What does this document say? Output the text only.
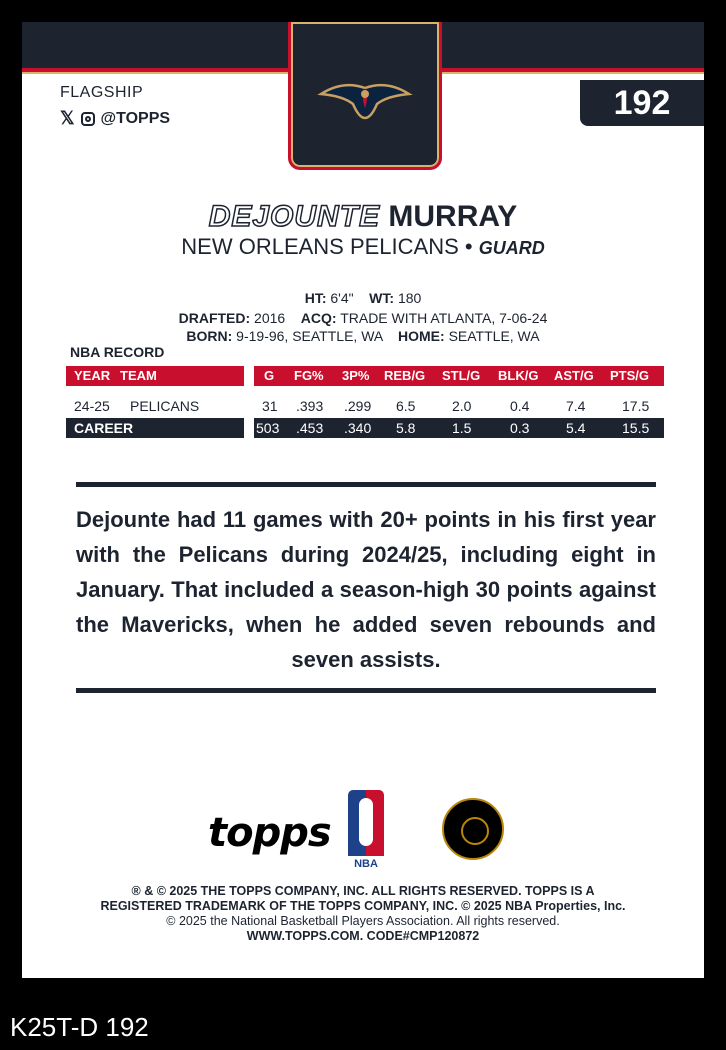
FLAGSHIP
𝕏 @TOPPS	192
DEJOUNTE MURRAY
NEW ORLEANS PELICANS • GUARD
HT: 6'4" WT: 180
DRAFTED: 2016 ACQ: TRADE WITH ATLANTA, 7-06-24
BORN: 9-19-96, SEATTLE, WA HOME: SEATTLE, WA
NBA RECORD
YEAR TEAM	G FG% 3P% REB/G STL/G BLK/G AST/G PTS/G
24-25 PELICANS	31 .393 .299 6.5	2.0	0.4	7.4	17.5
CAREER	503 .453 .340 5.8	1.5	0.3	5.4	15.5
Dejounte had 11 games with 20+ points in his first year with the Pelicans during 2024/25, including eight in January. That included a season-high 30 points against the Mavericks, when he added seven rebounds and seven assists.
topps
NBA
® & © 2025 THE TOPPS COMPANY, INC. ALL RIGHTS RESERVED. TOPPS IS A
REGISTERED TRADEMARK OF THE TOPPS COMPANY, INC. © 2025 NBA Properties, Inc.
© 2025 the National Basketball Players Association. All rights reserved.
WWW.TOPPS.COM. CODE#CMP120872
K25T-D 192
